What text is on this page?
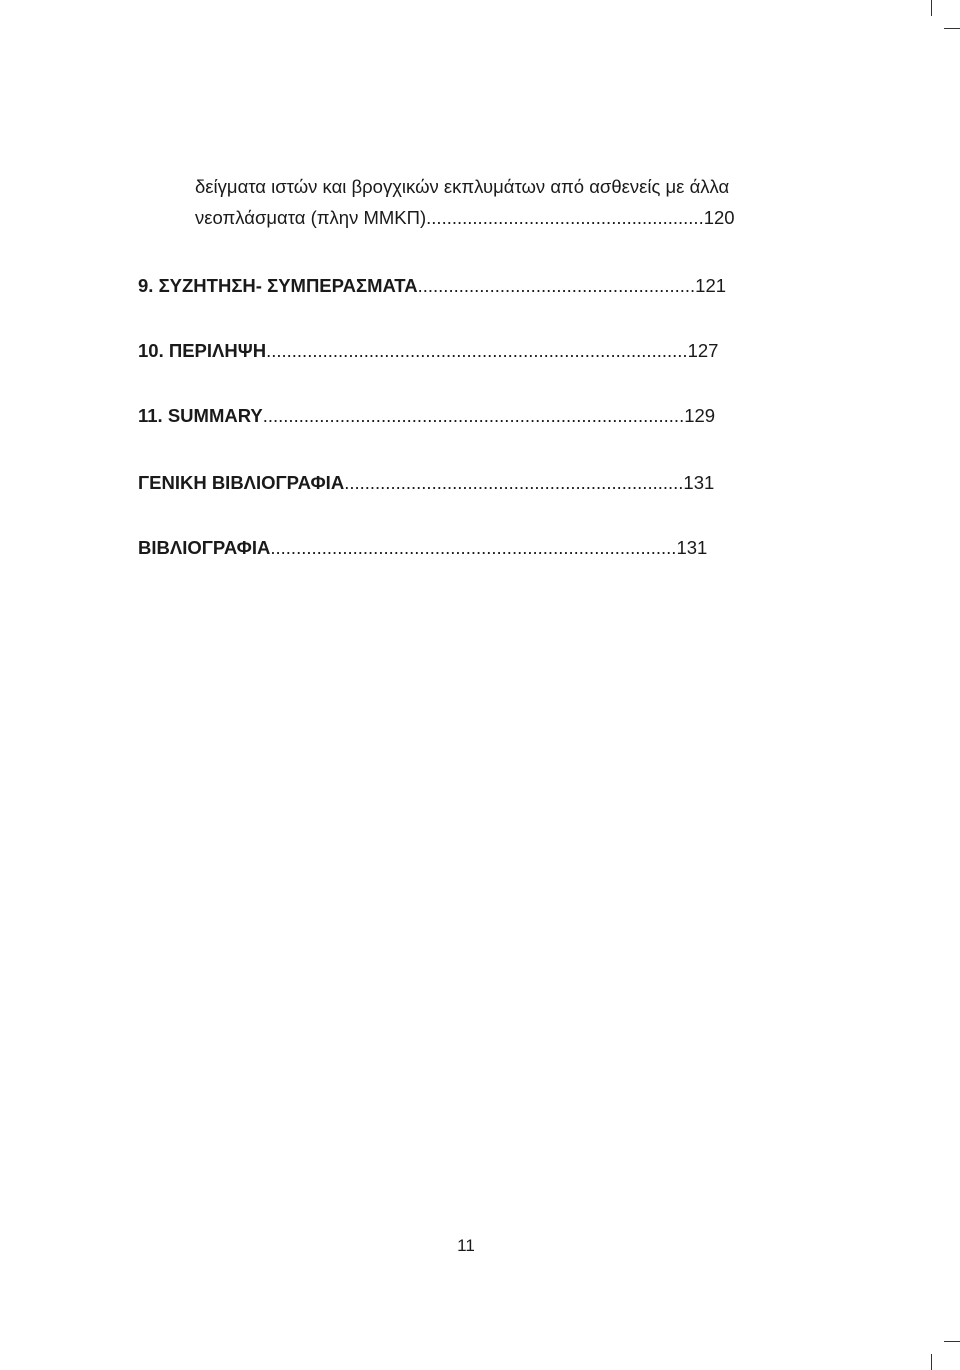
δείγματα ιστών και βρογχικών εκπλυμάτων από ασθενείς με άλλα
νεοπλάσματα (πλην ΜΜΚΠ)......................................................120
9. ΣΥΖΗΤΗΣΗ- ΣΥΜΠΕΡΑΣΜΑΤΑ......................................................121
10. ΠΕΡΙΛΗΨΗ..................................................................................127
11. SUMMARY..................................................................................129
ΓΕΝΙΚΗ ΒΙΒΛΙΟΓΡΑΦΙΑ..................................................................131
ΒΙΒΛΙΟΓΡΑΦΙΑ...............................................................................131
11
